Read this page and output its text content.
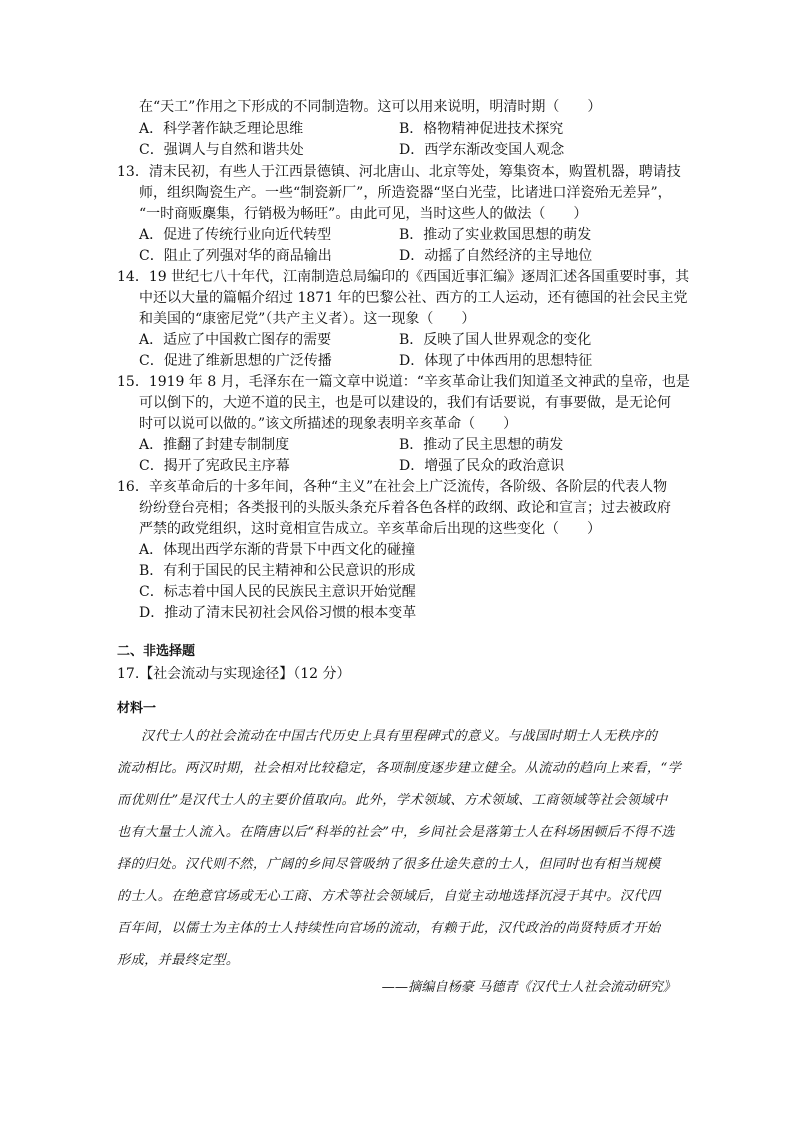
在“天工”作用之下形成的不同制造物。这可以用来说明，明清时期（　　）
A．科学著作缺乏理论思维	B．格物精神促进技术探究
C．强调人与自然和谐共处	D．西学东渐改变国人观念
13．清末民初，有些人于江西景德镇、河北唐山、北京等处，筹集资本，购置机器，聘请技
师，组织陶瓷生产。一些“制瓷新厂”，所造瓷器“坚白光莹，比诸进口洋瓷殆无差异”，
“一时商贩麇集，行销极为畅旺”。由此可见，当时这些人的做法（　　）
A．促进了传统行业向近代转型	B．推动了实业救国思想的萌发
C．阻止了列强对华的商品输出	D．动摇了自然经济的主导地位
14．19 世纪七八十年代，江南制造总局编印的《西国近事汇编》逐周汇述各国重要时事，其
中还以大量的篇幅介绍过 1871 年的巴黎公社、西方的工人运动，还有德国的社会民主党
和美国的“康密尼党”（共产主义者）。这一现象（　　）
A．适应了中国救亡图存的需要	B．反映了国人世界观念的变化
C．促进了维新思想的广泛传播	D．体现了中体西用的思想特征
15．1919 年 8 月，毛泽东在一篇文章中说道：“辛亥革命让我们知道圣文神武的皇帝，也是
可以倒下的，大逆不道的民主，也是可以建设的，我们有话要说，有事要做，是无论何
时可以说可以做的。”该文所描述的现象表明辛亥革命（　　）
A．推翻了封建专制制度	B．推动了民主思想的萌发
C．揭开了宪政民主序幕	D．增强了民众的政治意识
16．辛亥革命后的十多年间，各种“主义”在社会上广泛流传，各阶级、各阶层的代表人物
纷纷登台亮相；各类报刊的头版头条充斥着各色各样的政纲、政论和宣言；过去被政府
严禁的政党组织，这时竟相宣告成立。辛亥革命后出现的这些变化（　　）
A．体现出西学东渐的背景下中西文化的碰撞
B．有利于国民的民主精神和公民意识的形成
C．标志着中国人民的民族民主意识开始觉醒
D．推动了清末民初社会风俗习惯的根本变革
二、非选择题
17.【社会流动与实现途径】（12 分）
材料一
汉代士人的社会流动在中国古代历史上具有里程碑式的意义。与战国时期士人无秩序的
流动相比。两汉时期，社会相对比较稳定，各项制度逐步建立健全。从流动的趋向上来看，“学
而优则仕”是汉代士人的主要价值取向。此外，学术领域、方术领域、工商领域等社会领域中
也有大量士人流入。在隋唐以后“科举的社会”中，乡间社会是落第士人在科场困顿后不得不选
择的归处。汉代则不然，广阔的乡间尽管吸纳了很多仕途失意的士人，但同时也有相当规模
的士人。在绝意官场或无心工商、方术等社会领域后，自觉主动地选择沉浸于其中。汉代四
百年间，以儒士为主体的士人持续性向官场的流动，有赖于此，汉代政治的尚贤特质才开始
形成，并最终定型。
——摘编自杨豪 马德青《汉代士人社会流动研究》
